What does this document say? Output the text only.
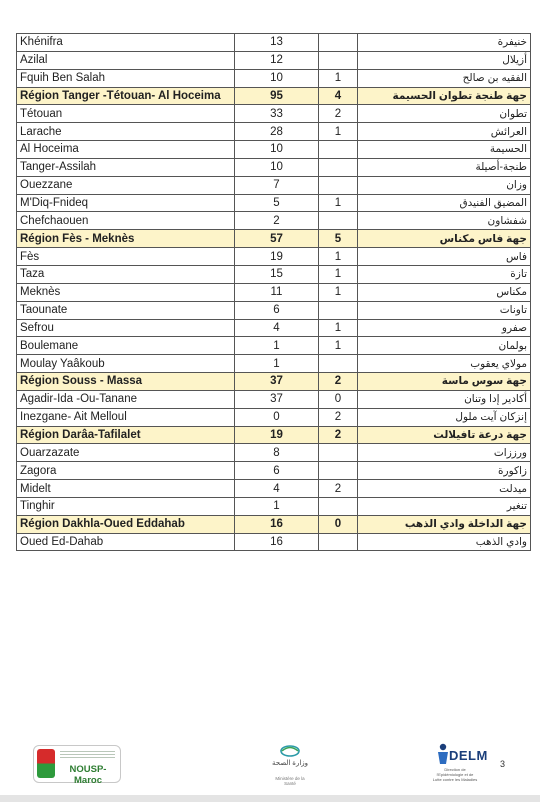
Khénifra	13		خنيفرة
Azilal	12		أزيلال
Fquih Ben Salah	10	1	الفقيه بن صالح
Région Tanger -Tétouan- Al Hoceima	95	4	جهة طنجة تطوان الحسيمة
Tétouan	33	2	تطوان
Larache	28	1	العرائش
Al Hoceima	10		الحسيمة
Tanger-Assilah	10		طنجة-أصيلة
Ouezzane	7		وزان
M'Diq-Fnideq	5	1	المضيق الفنيدق
Chefchaouen	2		شفشاون
Région Fès - Meknès	57	5	جهة فاس مكناس
Fès	19	1	فاس
Taza	15	1	تازة
Meknès	11	1	مكناس
Taounate	6		تاونات
Sefrou	4	1	صفرو
Boulemane	1	1	بولمان
Moulay Yaâkoub	1		مولاي يعقوب
Région Souss - Massa	37	2	جهة سوس ماسة
Agadir-Ida -Ou-Tanane	37	0	أكادير إدا وتنان
Inezgane- Ait Melloul	0	2	إنزكان آيت ملول
Région Darâa-Tafilalet	19	2	جهة درعة تافيلالت
Ouarzazate	8		ورززات
Zagora	6		زاكورة
Midelt	4	2	ميدلت
Tinghir	1		تنغير
Région Dakhla-Oued Eddahab	16	0	جهة الداخلة وادي الذهب
Oued Ed-Dahab	16		وادي الذهب
NOUSP-Maroc
وزارة الصحة
Ministère de la Santé
DELM
Direction de l'Epidémiologie et de Lutte contre les Maladies
3
